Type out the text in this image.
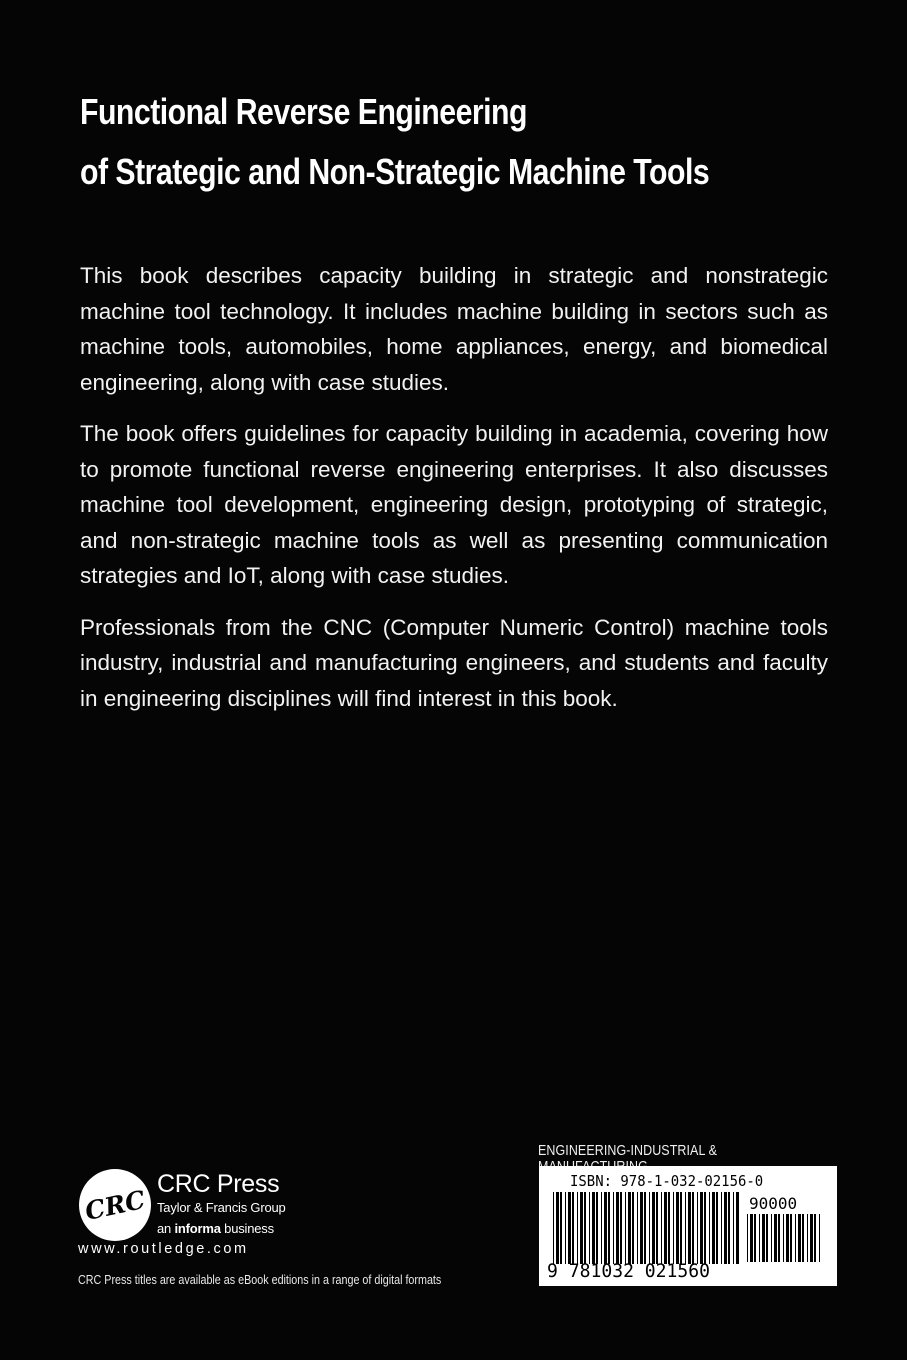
Functional Reverse Engineering
of Strategic and Non-Strategic Machine Tools

This book describes capacity building in strategic and nonstrategic machine tool technology. It includes machine building in sectors such as machine tools, automobiles, home appliances, energy, and biomedical engineering, along with case studies.

The book offers guidelines for capacity building in academia, covering how to promote functional reverse engineering enterprises. It also discusses machine tool development, engineering design, prototyping of strategic, and non-strategic machine tools as well as presenting communication strategies and IoT, along with case studies.

Professionals from the CNC (Computer Numeric Control) machine tools industry, industrial and manufacturing engineers, and students and faculty in engineering disciplines will find interest in this book.

ENGINEERING-INDUSTRIAL &
ISBN: 978-1-032-02156-0
90000
9 781032 021560
CRC
CRC Press
Taylor & Francis Group
an informa business
www.routledge.com
CRC Press titles are available as eBook editions in a range of digital formats
